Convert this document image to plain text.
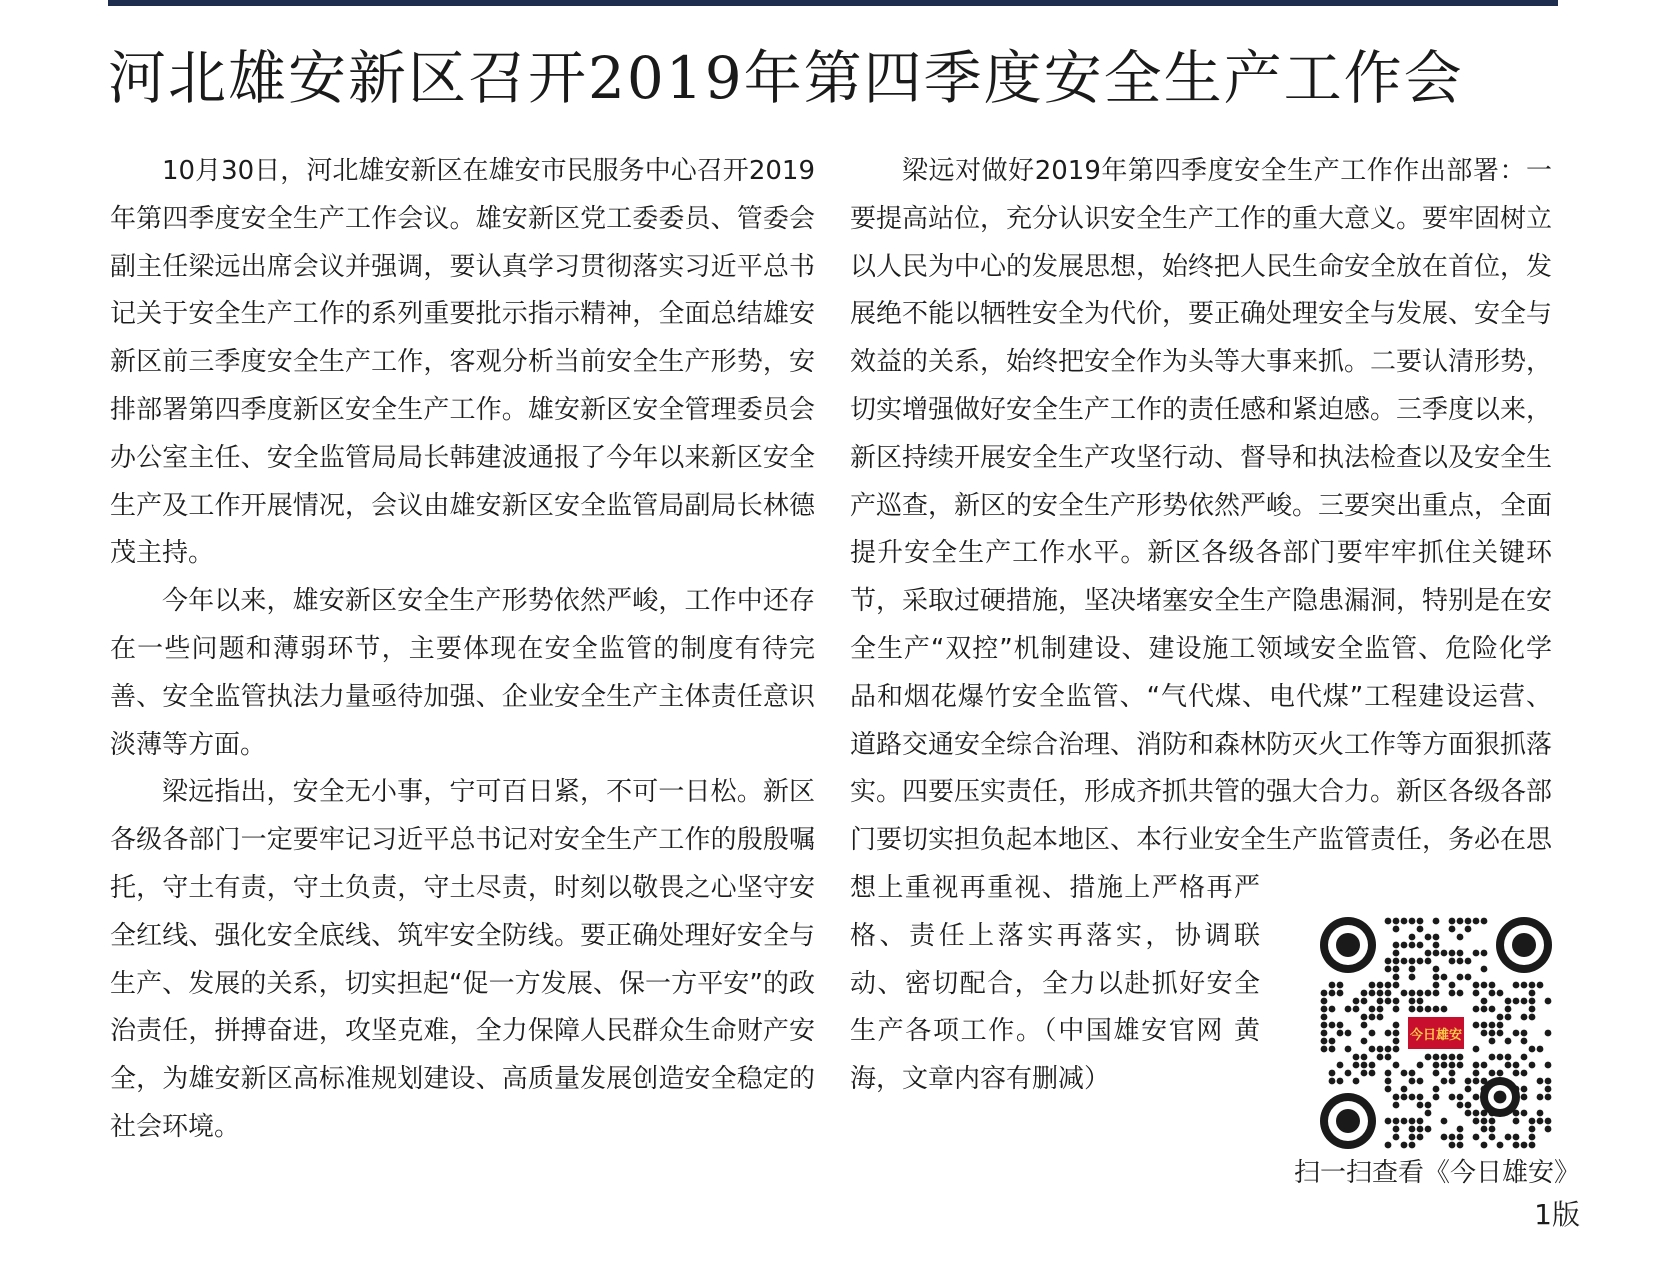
河北雄安新区召开2019年第四季度安全生产工作会

10月30日，河北雄安新区在雄安市民服务中心召开2019年第四季度安全生产工作会议。雄安新区党工委委员、管委会副主任梁远出席会议并强调，要认真学习贯彻落实习近平总书记关于安全生产工作的系列重要批示指示精神，全面总结雄安新区前三季度安全生产工作，客观分析当前安全生产形势，安排部署第四季度新区安全生产工作。雄安新区安全管理委员会办公室主任、安全监管局局长韩建波通报了今年以来新区安全生产及工作开展情况，会议由雄安新区安全监管局副局长林德茂主持。

今年以来，雄安新区安全生产形势依然严峻，工作中还存在一些问题和薄弱环节，主要体现在安全监管的制度有待完善、安全监管执法力量亟待加强、企业安全生产主体责任意识淡薄等方面。

梁远指出，安全无小事，宁可百日紧，不可一日松。新区各级各部门一定要牢记习近平总书记对安全生产工作的殷殷嘱托，守土有责，守土负责，守土尽责，时刻以敬畏之心坚守安全红线、强化安全底线、筑牢安全防线。要正确处理好安全与生产、发展的关系，切实担起“促一方发展、保一方平安”的政治责任，拼搏奋进，攻坚克难，全力保障人民群众生命财产安全，为雄安新区高标准规划建设、高质量发展创造安全稳定的社会环境。

梁远对做好2019年第四季度安全生产工作作出部署：一要提高站位，充分认识安全生产工作的重大意义。要牢固树立以人民为中心的发展思想，始终把人民生命安全放在首位，发展绝不能以牺牲安全为代价，要正确处理安全与发展、安全与效益的关系，始终把安全作为头等大事来抓。二要认清形势，切实增强做好安全生产工作的责任感和紧迫感。三季度以来，新区持续开展安全生产攻坚行动、督导和执法检查以及安全生产巡查，新区的安全生产形势依然严峻。三要突出重点，全面提升安全生产工作水平。新区各级各部门要牢牢抓住关键环节，采取过硬措施，坚决堵塞安全生产隐患漏洞，特别是在安全生产“双控”机制建设、建设施工领域安全监管、危险化学品和烟花爆竹安全监管、“气代煤、电代煤”工程建设运营、道路交通安全综合治理、消防和森林防灭火工作等方面狠抓落实。四要压实责任，形成齐抓共管的强大合力。新区各级各部门要切实担负起本地区、本行业安全生产监管责任，务必在思

想上重视再重视、措施上严格再严格、责任上落实再落实，协调联动、密切配合，全力以赴抓好安全生产各项工作。（中国雄安官网 黄海，文章内容有删减）

今日雄安
扫一扫查看《今日雄安》
1版
